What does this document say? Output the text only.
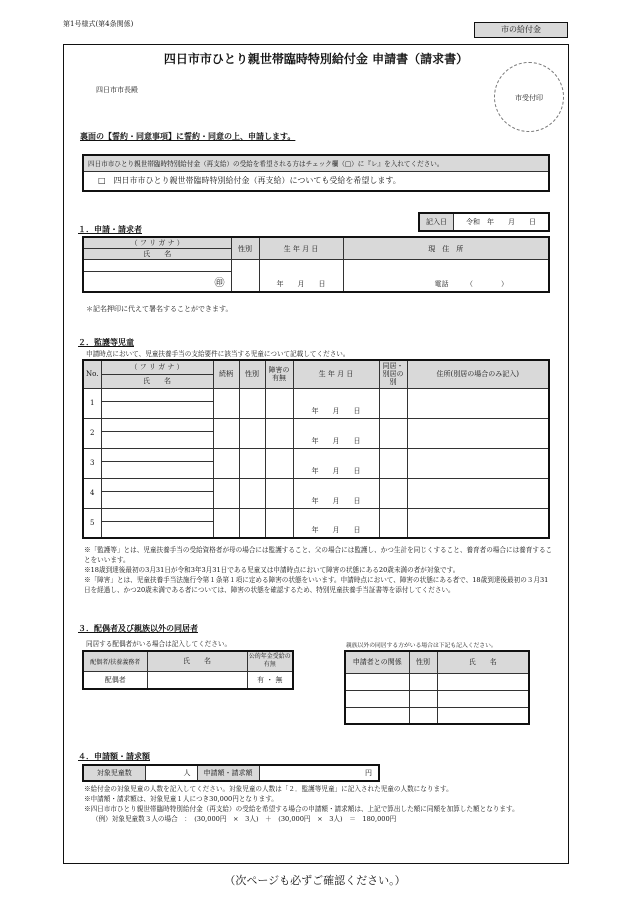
第1号様式(第4条関係)
市の給付金
四日市市ひとり親世帯臨時特別給付金 申請書（請求書）
四日市市長殿
市受付印
裏面の【誓約・同意事項】に誓約・同意の上、申請します。
四日市市ひとり親世帯臨時特別給付金（再支給）の受給を希望される方はチェック欄（□）に『レ』を入れてください。
□　四日市市ひとり親世帯臨時特別給付金（再支給）についても受給を希望します。
記入日	令和　年　　月　　日
１．申請・請求者
（ フ リ ガ ナ ）	性別	生 年 月 日	現　住　所
氏　　名			
		年　　月　　日	電話　　　（　　　　）
㊞			
＊記名押印に代えて署名することができます。
２．監護等児童
申請時点において、児童扶養手当の支給要件に該当する児童について記載してください。
No.	（ フ リ ガ ナ ）	続柄	性別	障害の有無	生 年 月 日	同居・別居の別	住所(別居の場合のみ記入)
	氏　　名						
1					年　　月　　日		

2					年　　月　　日		

3					年　　月　　日		

4					年　　月　　日		

5					年　　月　　日		

※「監護等」とは、児童扶養手当の受給資格者が母の場合には監護すること、父の場合には監護し、かつ生計を同じくすること、養育者の場合には養育することをいいます。
※18歳到達後最初の3月31日が令和3年3月31日である児童又は申請時点において障害の状態にある20歳未満の者が対象です。
※「障害」とは、児童扶養手当法施行令第１条第１項に定める障害の状態をいいます。申請時点において、障害の状態にある者で、18歳到達後最初の３月31日を経過し、かつ20歳未満である者については、障害の状態を確認するため、特別児童扶養手当証書等を添付してください。
３．配偶者及び親族以外の同居者
同居する配偶者がいる場合は記入してください。
配偶者/扶養義務者	氏　　名	公的年金受給の有無
配偶者		有 ・ 無
親族以外の同居する方がいる場合は下記も記入ください。
申請者との関係	性別	氏　　名

４．申請額・請求額
対象児童数	人	申請額・請求額	円
※給付金の対象児童の人数を記入してください。対象児童の人数は「２．監護等児童」に記入された児童の人数になります。
※申請額・請求額は、対象児童１人につき30,000円となります。
※四日市市ひとり親世帯臨時特別給付金（再支給）の受給を希望する場合の申請額・請求額は、上記で算出した額に同額を加算した額となります。
（例）対象児童数３人の場合　：　(30,000円　×　3人)　＋　(30,000円　×　3人)　＝　180,000円
（次ページも必ずご確認ください。）
